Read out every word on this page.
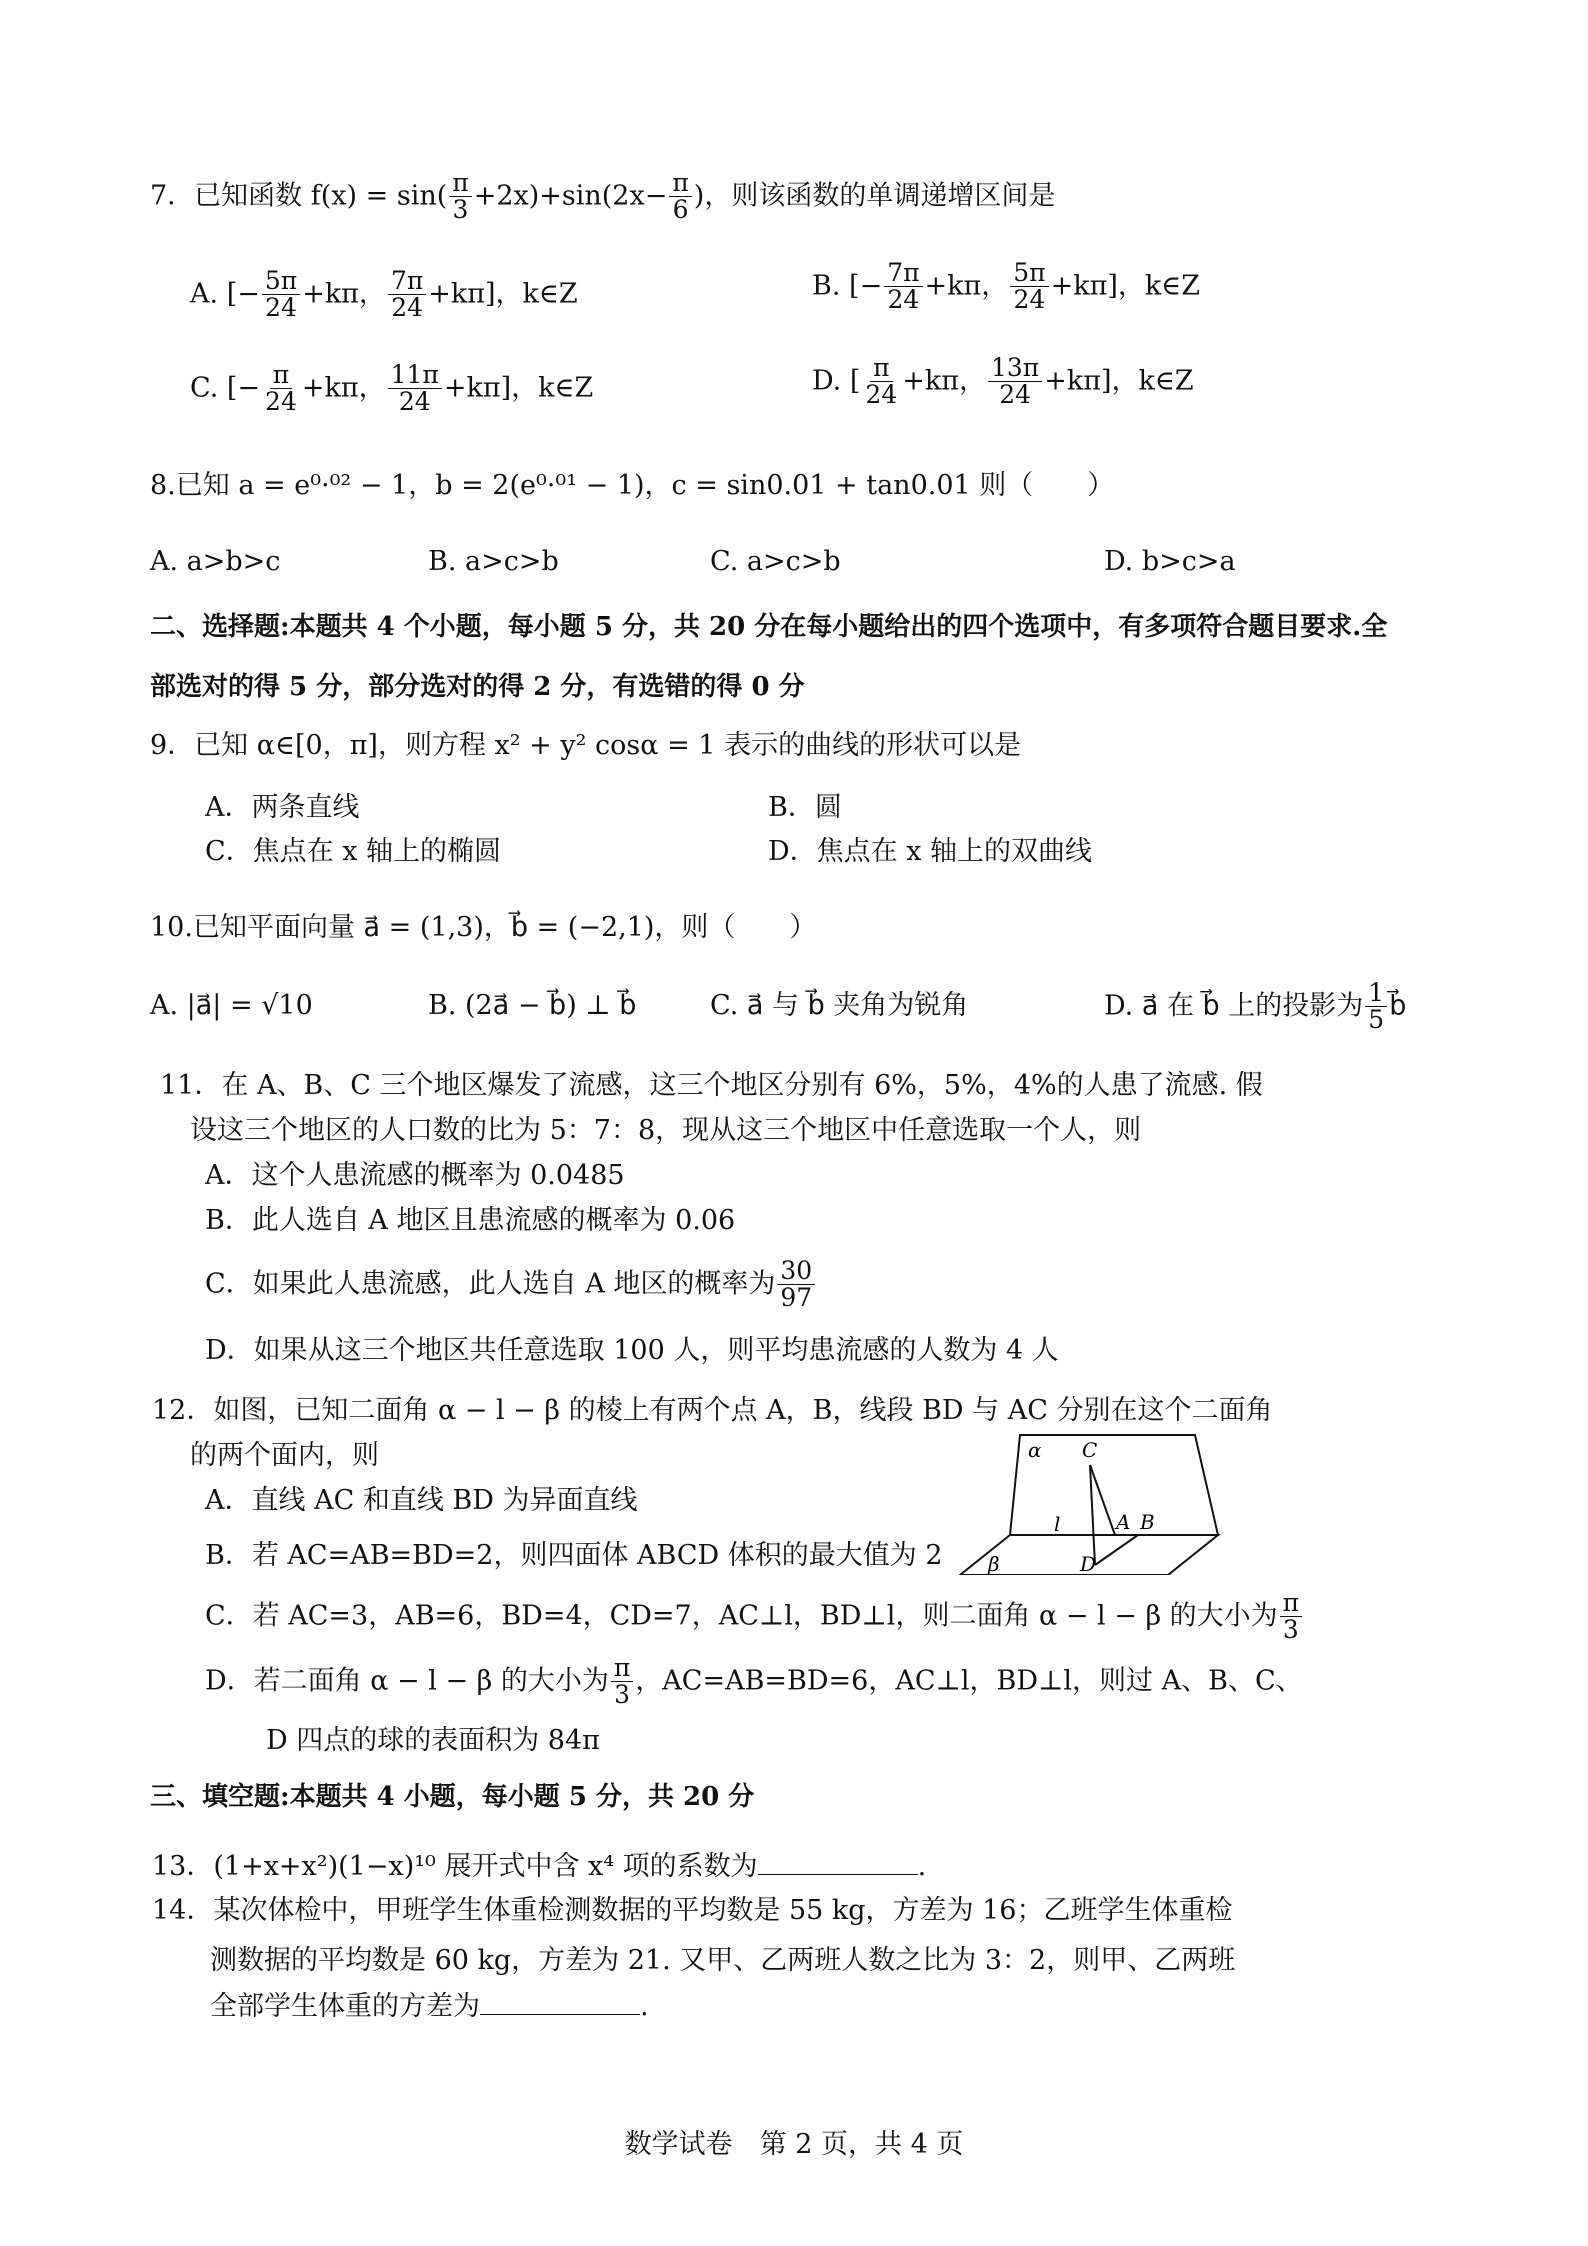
7．已知函数 $f(x) = \sin( \frac{\pi}{3} +2x)+\sin(2x- \frac{\pi}{6}$ )，则该函数的单调递增区间是
A. [− $\frac{5\pi}{24} +k\pi$， $\frac{7\pi}{24} +k\pi$]，k∈Z	B. [− $\frac{7\pi}{24} +k\pi$， $\frac{5\pi}{24} +k\pi$]，k∈Z
C. [− $\frac{\pi}{24} +k\pi$， $\frac{11\pi}{24} +k\pi$]，k∈Z	D. [ $\frac{\pi}{24} +k\pi$， $\frac{13\pi}{24} +k\pi$]，k∈Z
8.已知 a = e⁰·⁰² − 1，b = 2(e⁰·⁰¹ − 1)，c = sin0.01 + tan0.01 则（　　）
A. a>b>c	B. a>c>b	C. a>c>b	D. b>c>a
二、选择题:本题共 4 个小题，每小题 5 分，共 20 分在每小题给出的四个选项中，有多项符合题目要求.全
部选对的得 5 分，部分选对的得 2 分，有选错的得 0 分
9．已知 α∈[0，π]，则方程 x² + y² cosα = 1 表示的曲线的形状可以是
A．两条直线	B．圆
C．焦点在 x 轴上的椭圆	D．焦点在 x 轴上的双曲线
10.已知平面向量 a⃗ = (1,3)，b⃗ = (−2,1)，则（　　）
A. |a⃗| = √10	B. (2a⃗ − b⃗) ⊥ b⃗	C. a⃗ 与 b⃗ 夹角为锐角	D. a⃗ 在 b⃗ 上的投影为 $\frac{1}{5}$ b⃗
11．在 A、B、C 三个地区爆发了流感，这三个地区分别有 6%，5%，4%的人患了流感. 假
设这三个地区的人口数的比为 5：7：8，现从这三个地区中任意选取一个人，则
A．这个人患流感的概率为 0.0485
B．此人选自 A 地区且患流感的概率为 0.06
C．如果此人患流感，此人选自 A 地区的概率为 $\frac{30}{97}$
D．如果从这三个地区共任意选取 100 人，则平均患流感的人数为 4 人
12．如图，已知二面角 α − l − β 的棱上有两个点 A，B，线段 BD 与 AC 分别在这个二面角
的两个面内，则
A．直线 AC 和直线 BD 为异面直线
B．若 AC=AB=BD=2，则四面体 ABCD 体积的最大值为 2
C．若 AC=3，AB=6，BD=4，CD=7，AC⊥l，BD⊥l，则二面角 α − l − β 的大小为 $\frac{\pi}{3}$
D．若二面角 α − l − β 的大小为 $\frac{\pi}{3}$ ，AC=AB=BD=6，AC⊥l，BD⊥l，则过 A、B、C、
D 四点的球的表面积为 84π
α
β
l
C
A B
D
三、填空题:本题共 4 小题，每小题 5 分，共 20 分
13．(1+x+x²)(1−x)¹⁰ 展开式中含 x⁴ 项的系数为	.
14．某次体检中，甲班学生体重检测数据的平均数是 55 kg，方差为 16；乙班学生体重检
测数据的平均数是 60 kg，方差为 21. 又甲、乙两班人数之比为 3：2，则甲、乙两班
全部学生体重的方差为	.
数学试卷　第 2 页，共 4 页
